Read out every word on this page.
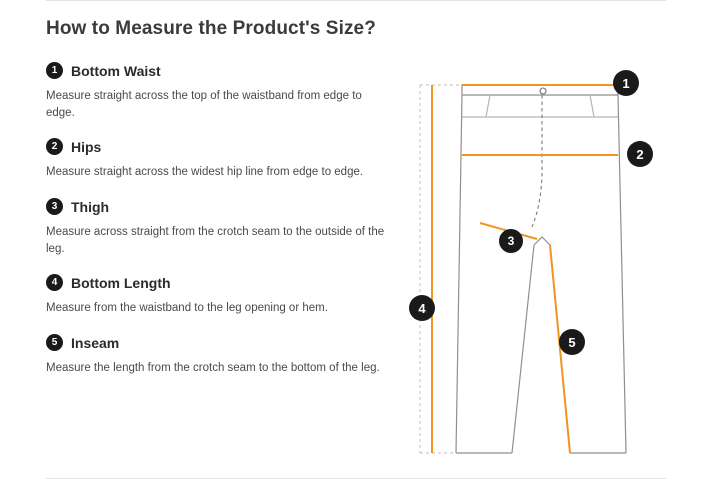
How to Measure the Product's Size?
1 Bottom Waist
Measure straight across the top of the waistband from edge to edge.
2 Hips
Measure straight across the widest hip line from edge to edge.
3 Thigh
Measure across straight from the crotch seam to the outside of the leg.
4 Bottom Length
Measure from the waistband to the leg opening or hem.
5 Inseam
Measure the length from the crotch seam to the bottom of the leg.
1
2
3
4
5
